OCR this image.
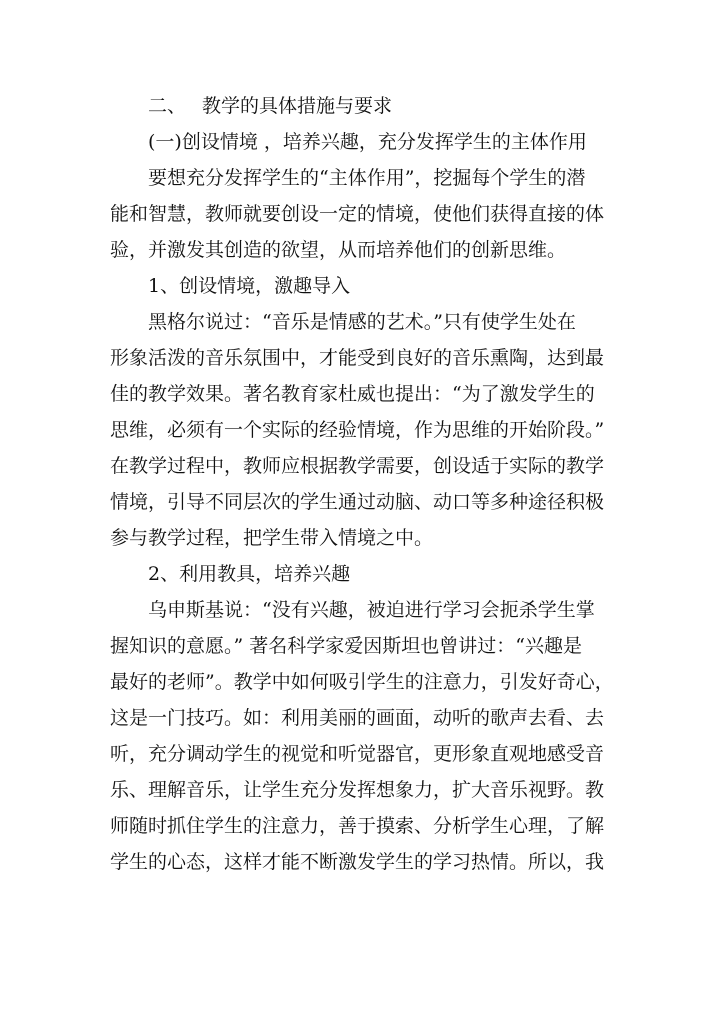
二、 教学的具体措施与要求
(一)创设情境 ，培养兴趣，充分发挥学生的主体作用
要想充分发挥学生的“主体作用”，挖掘每个学生的潜
能和智慧，教师就要创设一定的情境，使他们获得直接的体
验，并激发其创造的欲望，从而培养他们的创新思维。
1、创设情境，激趣导入
黑格尔说过：“音乐是情感的艺术。”只有使学生处在
形象活泼的音乐氛围中，才能受到良好的音乐熏陶，达到最
佳的教学效果。著名教育家杜威也提出：“为了激发学生的
思维，必须有一个实际的经验情境，作为思维的开始阶段。”
在教学过程中，教师应根据教学需要，创设适于实际的教学
情境，引导不同层次的学生通过动脑、动口等多种途径积极
参与教学过程，把学生带入情境之中。
2、利用教具，培养兴趣
乌申斯基说：“没有兴趣，被迫进行学习会扼杀学生掌
握知识的意愿。” 著名科学家爱因斯坦也曾讲过：“兴趣是
最好的老师”。教学中如何吸引学生的注意力，引发好奇心，
这是一门技巧。如：利用美丽的画面，动听的歌声去看、去
听，充分调动学生的视觉和听觉器官，更形象直观地感受音
乐、理解音乐，让学生充分发挥想象力，扩大音乐视野。教
师随时抓住学生的注意力，善于摸索、分析学生心理，了解
学生的心态，这样才能不断激发学生的学习热情。所以，我
